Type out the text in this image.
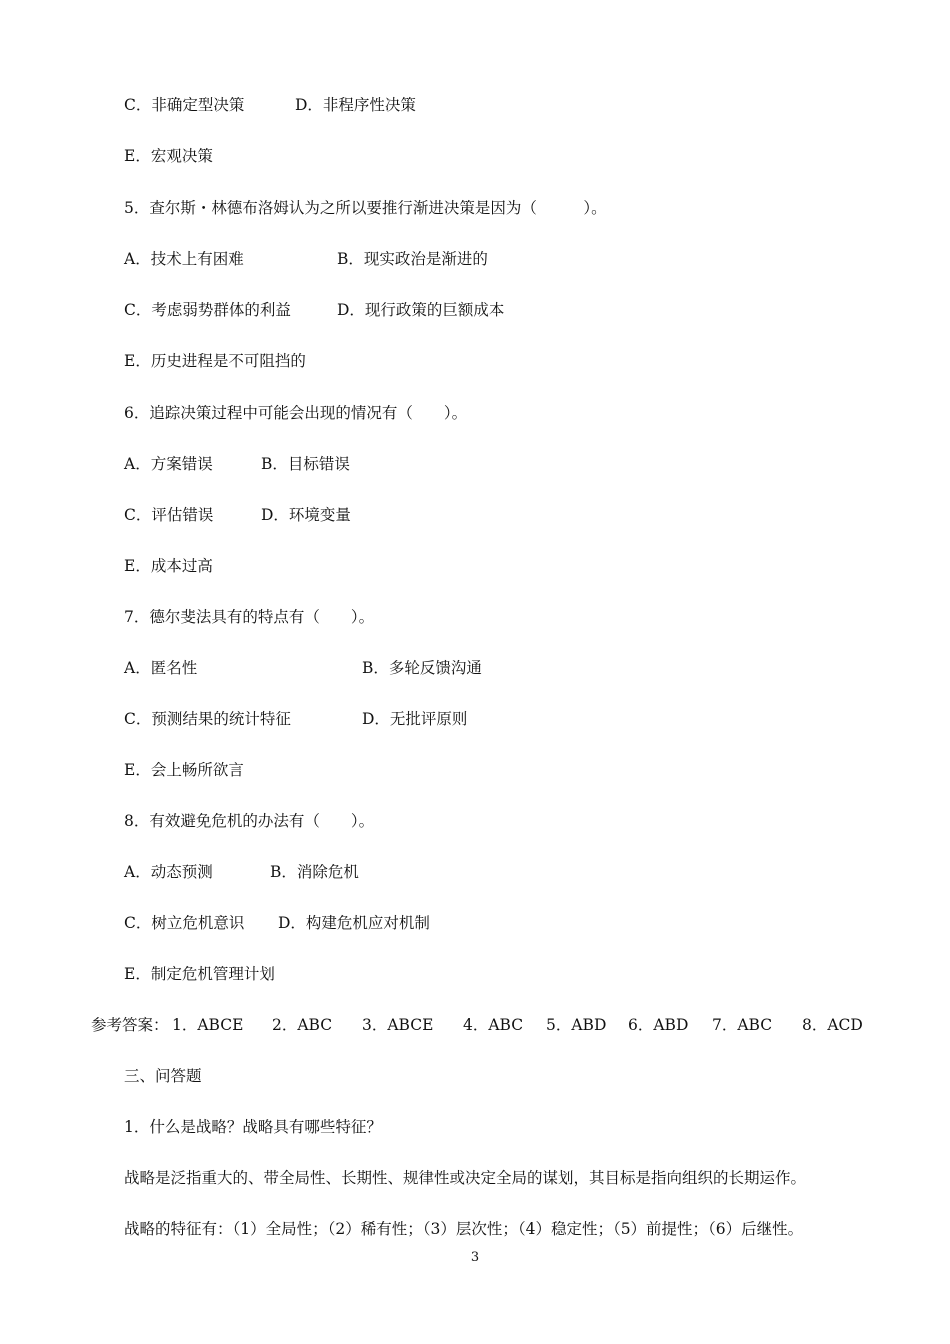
C．非确定型决策	D．非程序性决策
E．宏观决策
5．查尔斯・林德布洛姆认为之所以要推行渐进决策是因为（　　　）。
A．技术上有困难	B．现实政治是渐进的
C．考虑弱势群体的利益	D．现行政策的巨额成本
E．历史进程是不可阻挡的
6．追踪决策过程中可能会出现的情况有（　　）。
A．方案错误	B．目标错误
C．评估错误	D．环境变量
E．成本过高
7．德尔斐法具有的特点有（　　）。
A．匿名性	B．多轮反馈沟通
C．预测结果的统计特征	D．无批评原则
E．会上畅所欲言
8．有效避免危机的办法有（　　）。
A．动态预测	B．消除危机
C．树立危机意识 D．构建危机应对机制
E．制定危机管理计划
参考答案： 1．ABCE 2．ABC 3．ABCE 4．ABC 5．ABD 6．ABD 7．ABC 8．ACD
三、问答题
1．什么是战略？战略具有哪些特征？
战略是泛指重大的、带全局性、长期性、规律性或决定全局的谋划，其目标是指向组织的长期运作。
战略的特征有：（1）全局性；（2）稀有性；（3）层次性；（4）稳定性；（5）前提性；（6）后继性。
3
